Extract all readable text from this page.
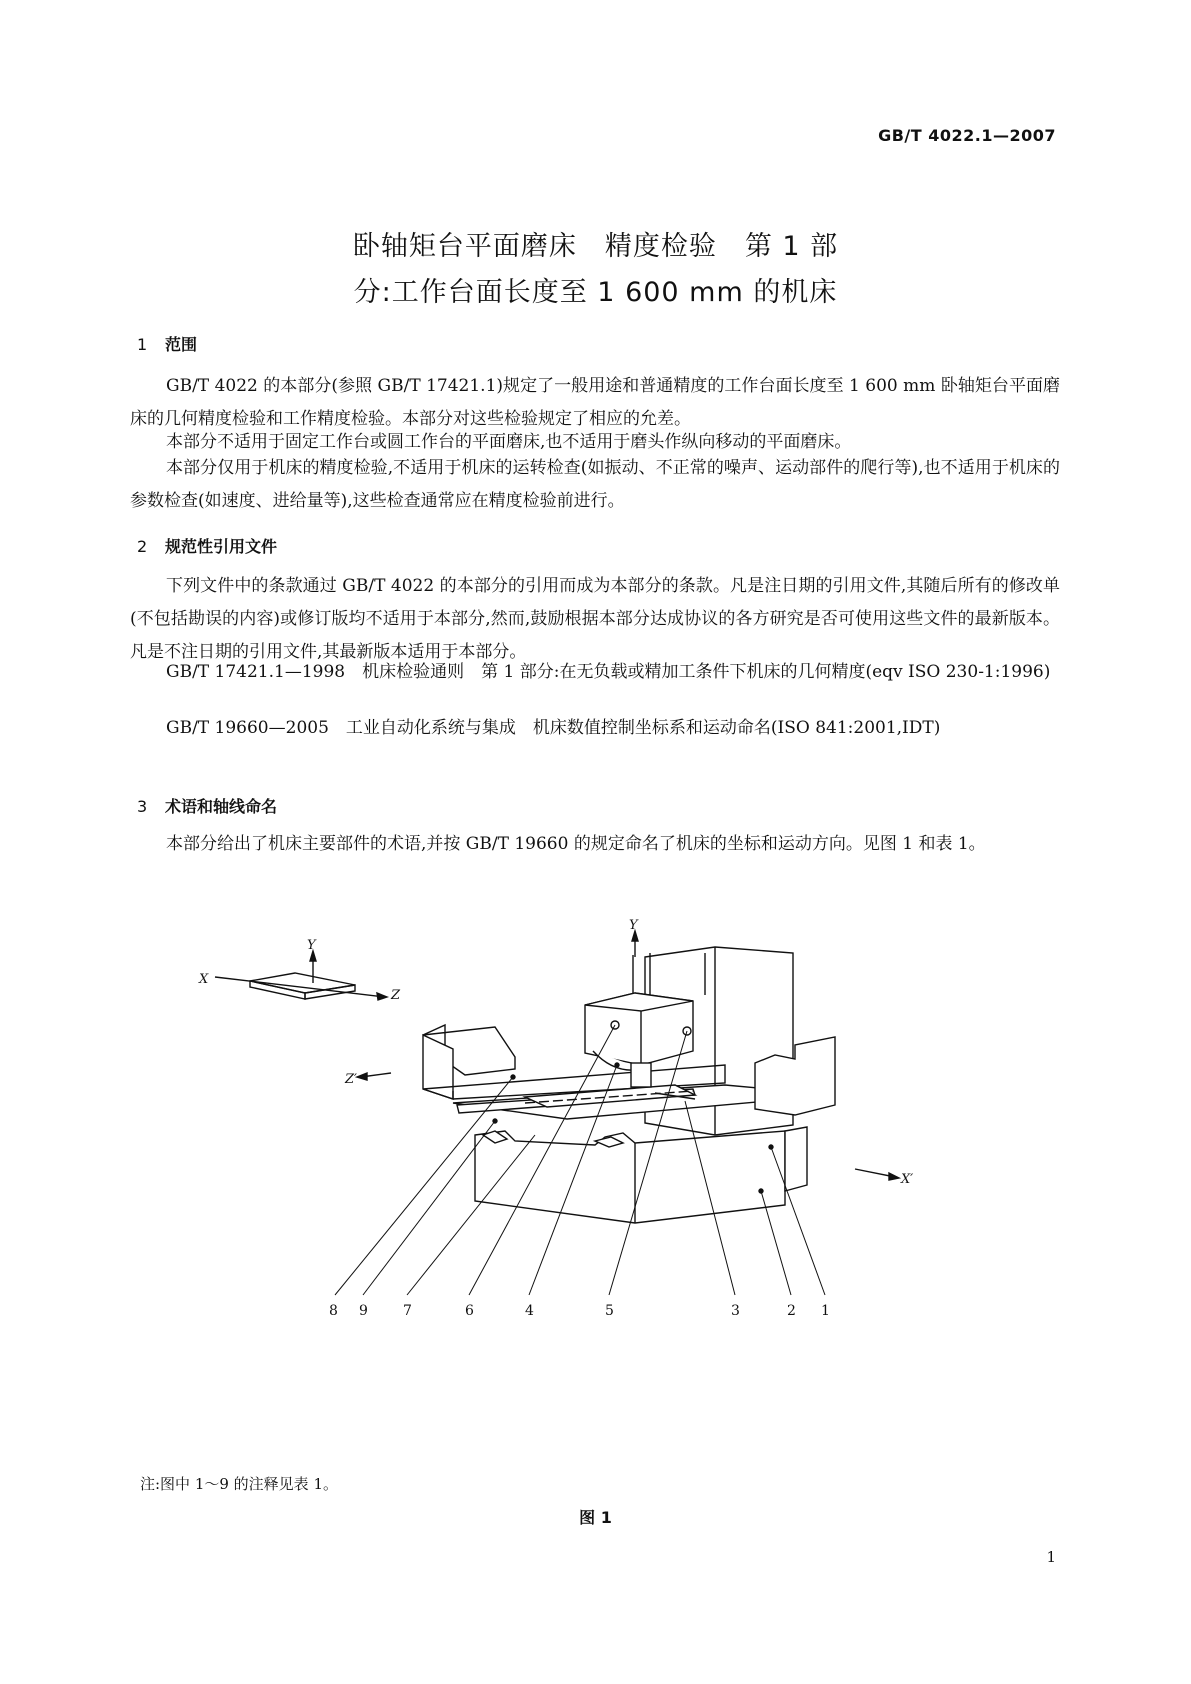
GB/T 4022.1—2007
卧轴矩台平面磨床　精度检验　第 1 部
分:工作台面长度至 1 600 mm 的机床
1 范围

GB/T 4022 的本部分(参照 GB/T 17421.1)规定了一般用途和普通精度的工作台面长度至 1 600 mm 卧轴矩台平面磨床的几何精度检验和工作精度检验。本部分对这些检验规定了相应的允差。

本部分不适用于固定工作台或圆工作台的平面磨床,也不适用于磨头作纵向移动的平面磨床。

本部分仅用于机床的精度检验,不适用于机床的运转检查(如振动、不正常的噪声、运动部件的爬行等),也不适用于机床的参数检查(如速度、进给量等),这些检查通常应在精度检验前进行。

2 规范性引用文件

下列文件中的条款通过 GB/T 4022 的本部分的引用而成为本部分的条款。凡是注日期的引用文件,其随后所有的修改单(不包括勘误的内容)或修订版均不适用于本部分,然而,鼓励根据本部分达成协议的各方研究是否可使用这些文件的最新版本。凡是不注日期的引用文件,其最新版本适用于本部分。

GB/T 17421.1—1998　机床检验通则　第 1 部分:在无负载或精加工条件下机床的几何精度(eqv ISO 230-1:1996)

GB/T 19660—2005　工业自动化系统与集成　机床数值控制坐标系和运动命名(ISO 841:2001,IDT)

3 术语和轴线命名

本部分给出了机床主要部件的术语,并按 GB/T 19660 的规定命名了机床的坐标和运动方向。见图 1 和表 1。

X
Z
Y
Z′
X′
Y
8 9	7	6	4	5	3	2 1
注:图中 1～9 的注释见表 1。
图 1
1
